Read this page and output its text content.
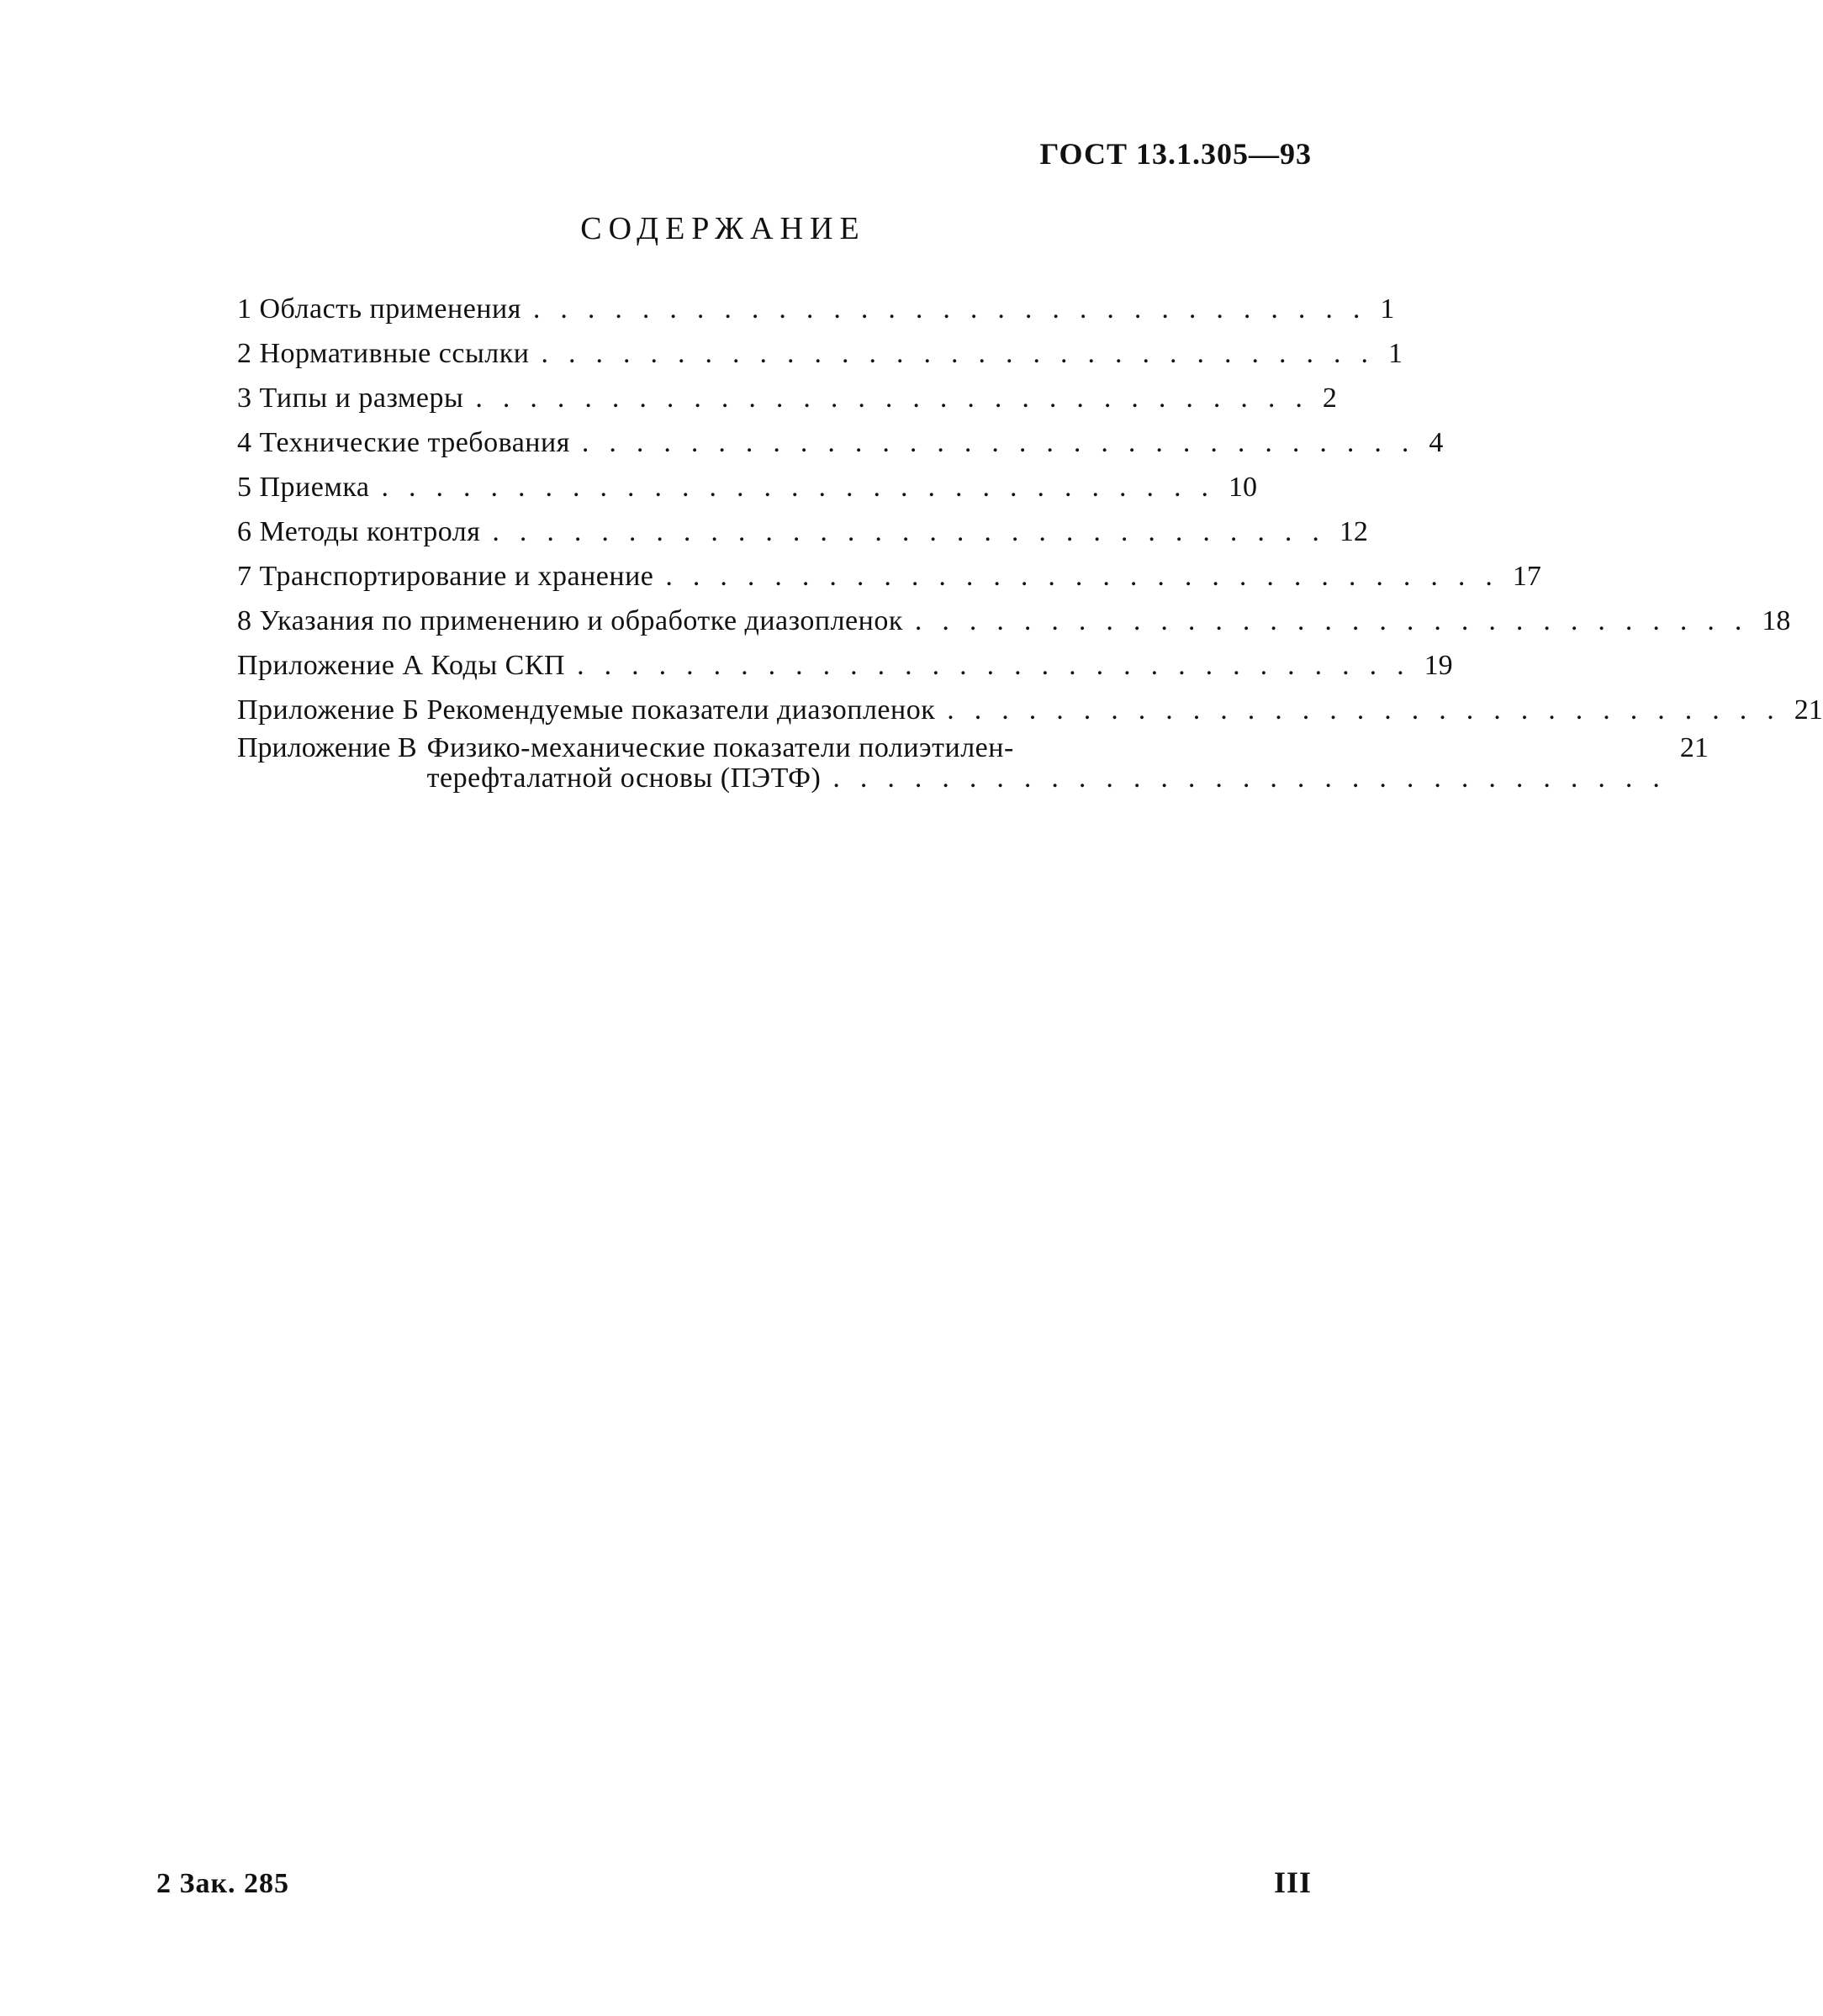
ГОСТ 13.1.305—93
СОДЕРЖАНИЕ
1 Область применения ............................... 1
2 Нормативные ссылки ............................... 1
3 Типы и размеры ............................... 2
4 Технические требования ............................... 4
5 Приемка ............................... 10
6 Методы контроля ............................... 12
7 Транспортирование и хранение ............................... 17
8 Указания по применению и обработке диазопленок ............................... 18
Приложение А Коды СКП ............................... 19
Приложение Б Рекомендуемые показатели диазопленок ............................... 21
Приложение В Физико-механические показатели полиэтилен-
терефталатной основы (ПЭТФ) ...............................
21
2 Зак. 285	III
